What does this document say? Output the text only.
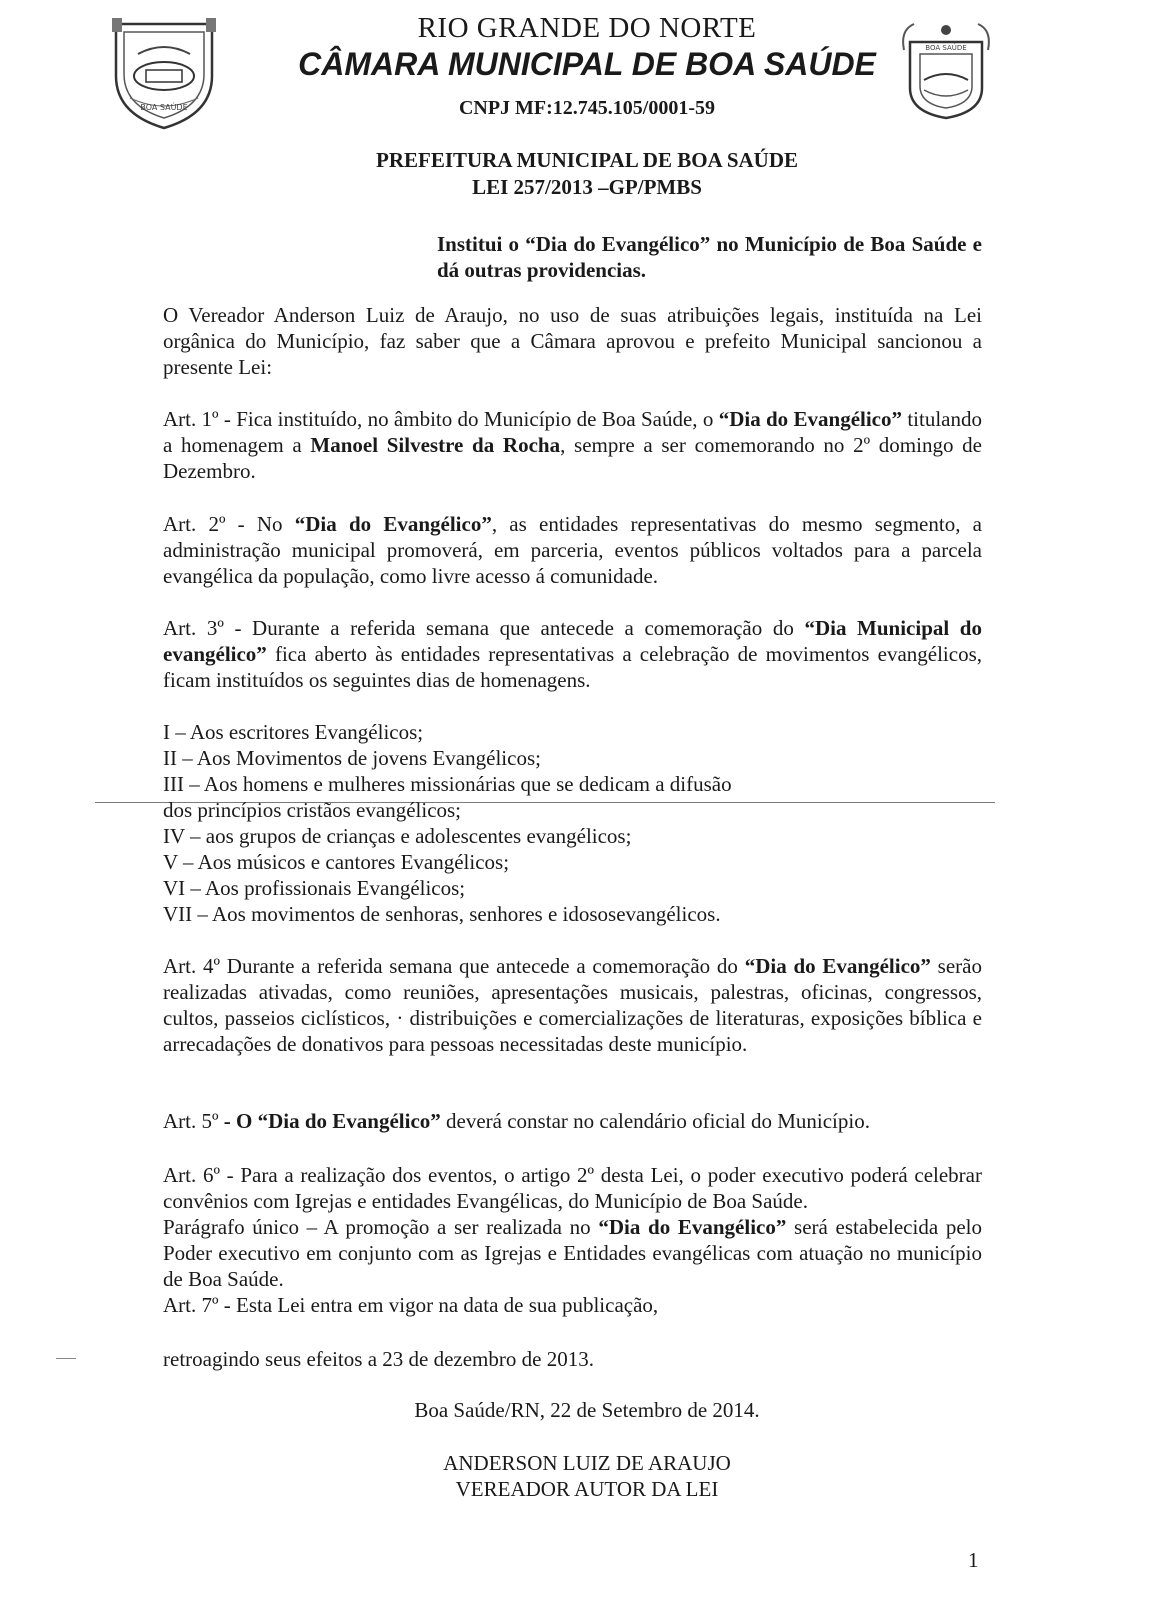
BOA SAÚDE
BOA SAÚDE
RIO GRANDE DO NORTE
CÂMARA MUNICIPAL DE BOA SAÚDE
CNPJ MF:12.745.105/0001-59
PREFEITURA MUNICIPAL DE BOA SAÚDE
LEI 257/2013 –GP/PMBS
Institui o “Dia do Evangélico” no Município de Boa Saúde e dá outras providencias.
O Vereador Anderson Luiz de Araujo, no uso de suas atribuições legais, instituída na Lei orgânica do Município, faz saber que a Câmara aprovou e prefeito Municipal sancionou a presente Lei:
Art. 1º - Fica instituído, no âmbito do Município de Boa Saúde, o “Dia do Evangélico” titulando a homenagem a Manoel Silvestre da Rocha, sempre a ser comemorando no 2º domingo de Dezembro.
Art. 2º - No “Dia do Evangélico”, as entidades representativas do mesmo segmento, a administração municipal promoverá, em parceria, eventos públicos voltados para a parcela evangélica da população, como livre acesso á comunidade.
Art. 3º - Durante a referida semana que antecede a comemoração do “Dia Municipal do evangélico” fica aberto às entidades representativas a celebração de movimentos evangélicos, ficam instituídos os seguintes dias de homenagens.
I – Aos escritores Evangélicos;
II – Aos Movimentos de jovens Evangélicos;
III – Aos homens e mulheres missionárias que se dedicam a difusão
dos princípios cristãos evangélicos;
IV – aos grupos de crianças e adolescentes evangélicos;
V – Aos músicos e cantores Evangélicos;
VI – Aos profissionais Evangélicos;
VII – Aos movimentos de senhoras, senhores e idososevangélicos.
Art. 4º Durante a referida semana que antecede a comemoração do “Dia do Evangélico” serão realizadas ativadas, como reuniões, apresentações musicais, palestras, oficinas, congressos, cultos, passeios ciclísticos, · distribuições e comercializações de literaturas, exposições bíblica e arrecadações de donativos para pessoas necessitadas deste município.
Art. 5º - O “Dia do Evangélico” deverá constar no calendário oficial do Município.
Art. 6º - Para a realização dos eventos, o artigo 2º desta Lei, o poder executivo poderá celebrar convênios com Igrejas e entidades Evangélicas, do Município de Boa Saúde.
Parágrafo único – A promoção a ser realizada no “Dia do Evangélico” será estabelecida pelo Poder executivo em conjunto com as Igrejas e Entidades evangélicas com atuação no município de Boa Saúde.
Art. 7º - Esta Lei entra em vigor na data de sua publicação,
retroagindo seus efeitos a 23 de dezembro de 2013.
Boa Saúde/RN, 22 de Setembro de 2014.
ANDERSON LUIZ DE ARAUJO
VEREADOR AUTOR DA LEI
1
